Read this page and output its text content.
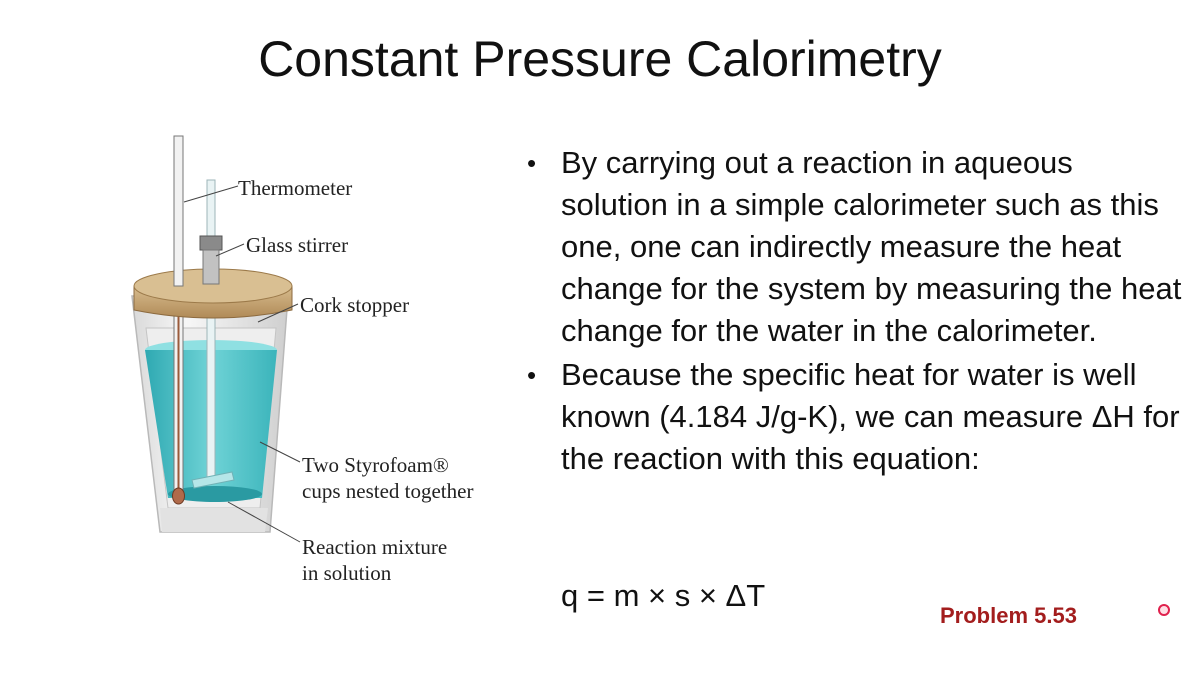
Constant Pressure Calorimetry
Thermometer
Glass stirrer
Cork stopper
Two Styrofoam®
cups nested together
Reaction mixture
in solution
• By carrying out a reaction in aqueous solution in a simple calorimeter such as this one, one can indirectly measure the heat change for the system by measuring the heat change for the water in the calorimeter.
• Because the specific heat for water is well known (4.184 J/g-K), we can measure ΔH for the reaction with this equation:
q = m × s × ΔT
Problem 5.53
